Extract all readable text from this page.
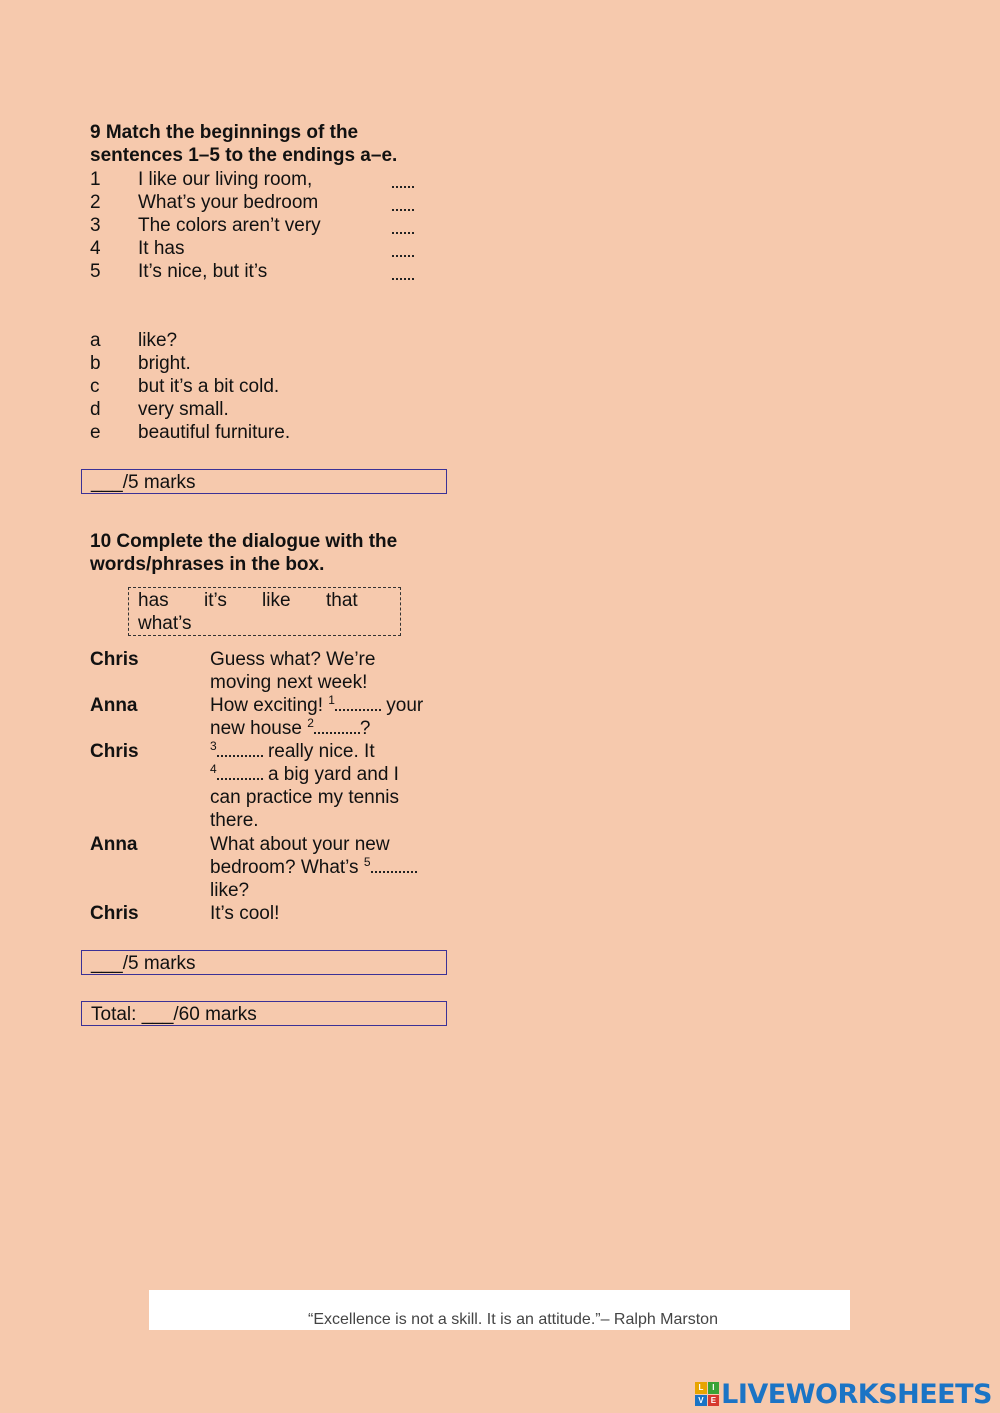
9 Match the beginnings of the
sentences 1–5 to the endings a–e.
1 I like our living room,
2 What’s your bedroom
3 The colors aren’t very
4 It has
5 It’s nice, but it’s
a like?
b bright.
c but it’s a bit cold.
d very small.
e beautiful furniture.
___/5 marks
10 Complete the dialogue with the
words/phrases in the box.
has it’s like that
what’s
Chris	Guess what? We’re
moving next week!
Anna	How exciting! $^1$ your
new house $^2$ ?
Chris	$^3$ really nice. It
$^4$ a big yard and I
can practice my tennis
there.
Anna	What about your new
bedroom? What’s $^5$
like?
Chris	It’s cool!
___/5 marks
Total: ___/60 marks
“Excellence is not a skill. It is an attitude.”– Ralph Marston
L	I
V E LIVEWORKSHEETS
